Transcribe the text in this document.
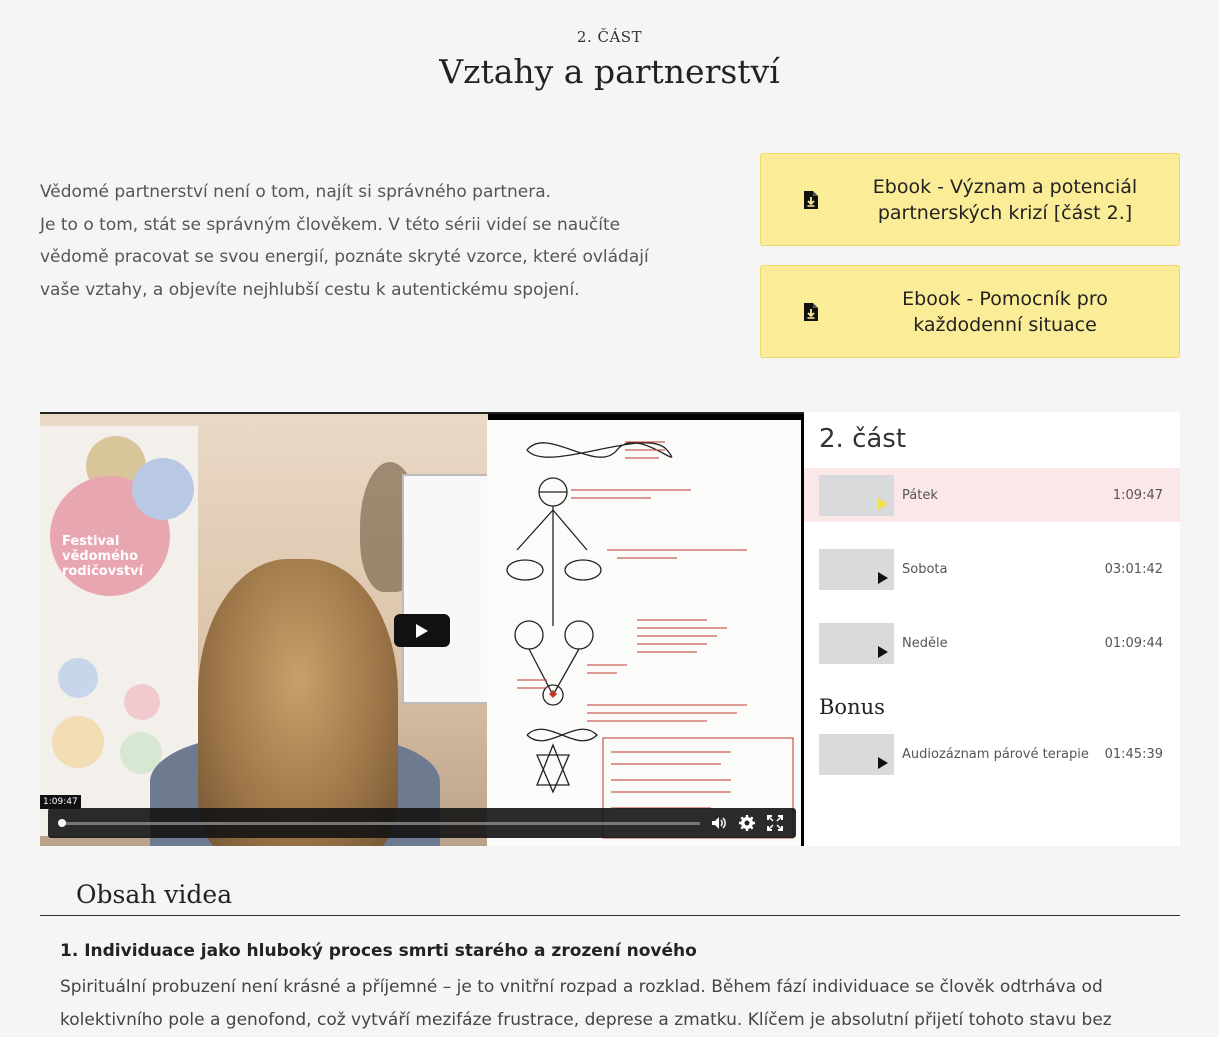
2. ČÁST
Vztahy a partnerství

Vědomé partnerství není o tom, najít si správného partnera.

Je to o tom, stát se správným člověkem. V této sérii videí se naučíte vědomě pracovat se svou energií, poznáte skryté vzorce, které ovládají vaše vztahy, a objevíte nejhlubší cestu k autentickému spojení.

Ebook - Význam a potenciál partnerských krizí [část 2.]
Ebook - Pomocník pro každodenní situace
Festival vědomého rodičovství
1:09:47
2. část
Pátek	1:09:47
Sobota	03:01:42
Neděle	01:09:44
Bonus
Audiozáznam párové terapie	01:45:39
Obsah videa
1. Individuace jako hluboký proces smrti starého a zrození nového
Spirituální probuzení není krásné a příjemné – je to vnitřní rozpad a rozklad. Během fází individuace se člověk odtrháva od kolektivního pole a genofond, což vytváří mezifáze frustrace, deprese a zmatku. Klíčem je absolutní přijetí tohoto stavu bez
